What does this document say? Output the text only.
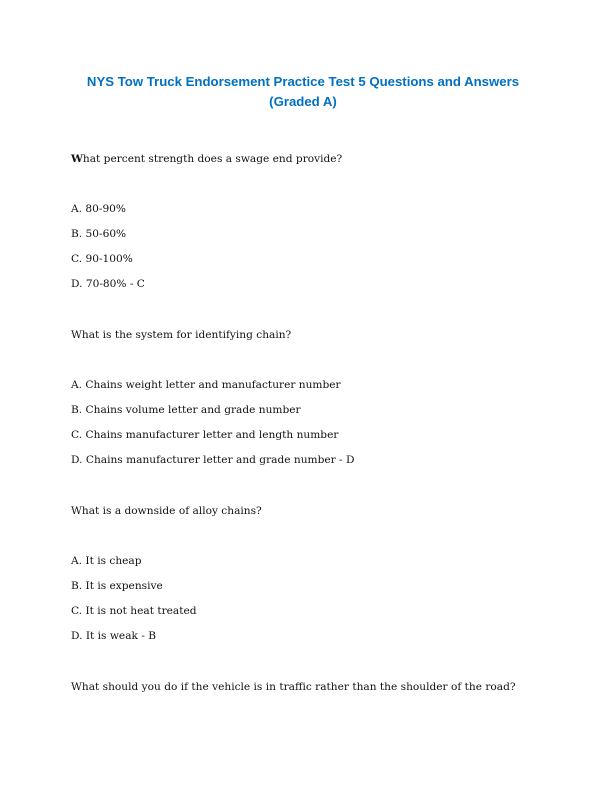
NYS Tow Truck Endorsement Practice Test 5 Questions and Answers
(Graded A)

What percent strength does a swage end provide?

A. 80-90%

B. 50-60%

C. 90-100%

D. 70-80% - C

What is the system for identifying chain?

A. Chains weight letter and manufacturer number

B. Chains volume letter and grade number

C. Chains manufacturer letter and length number

D. Chains manufacturer letter and grade number - D

What is a downside of alloy chains?

A. It is cheap

B. It is expensive

C. It is not heat treated

D. It is weak - B

What should you do if the vehicle is in traffic rather than the shoulder of the road?
